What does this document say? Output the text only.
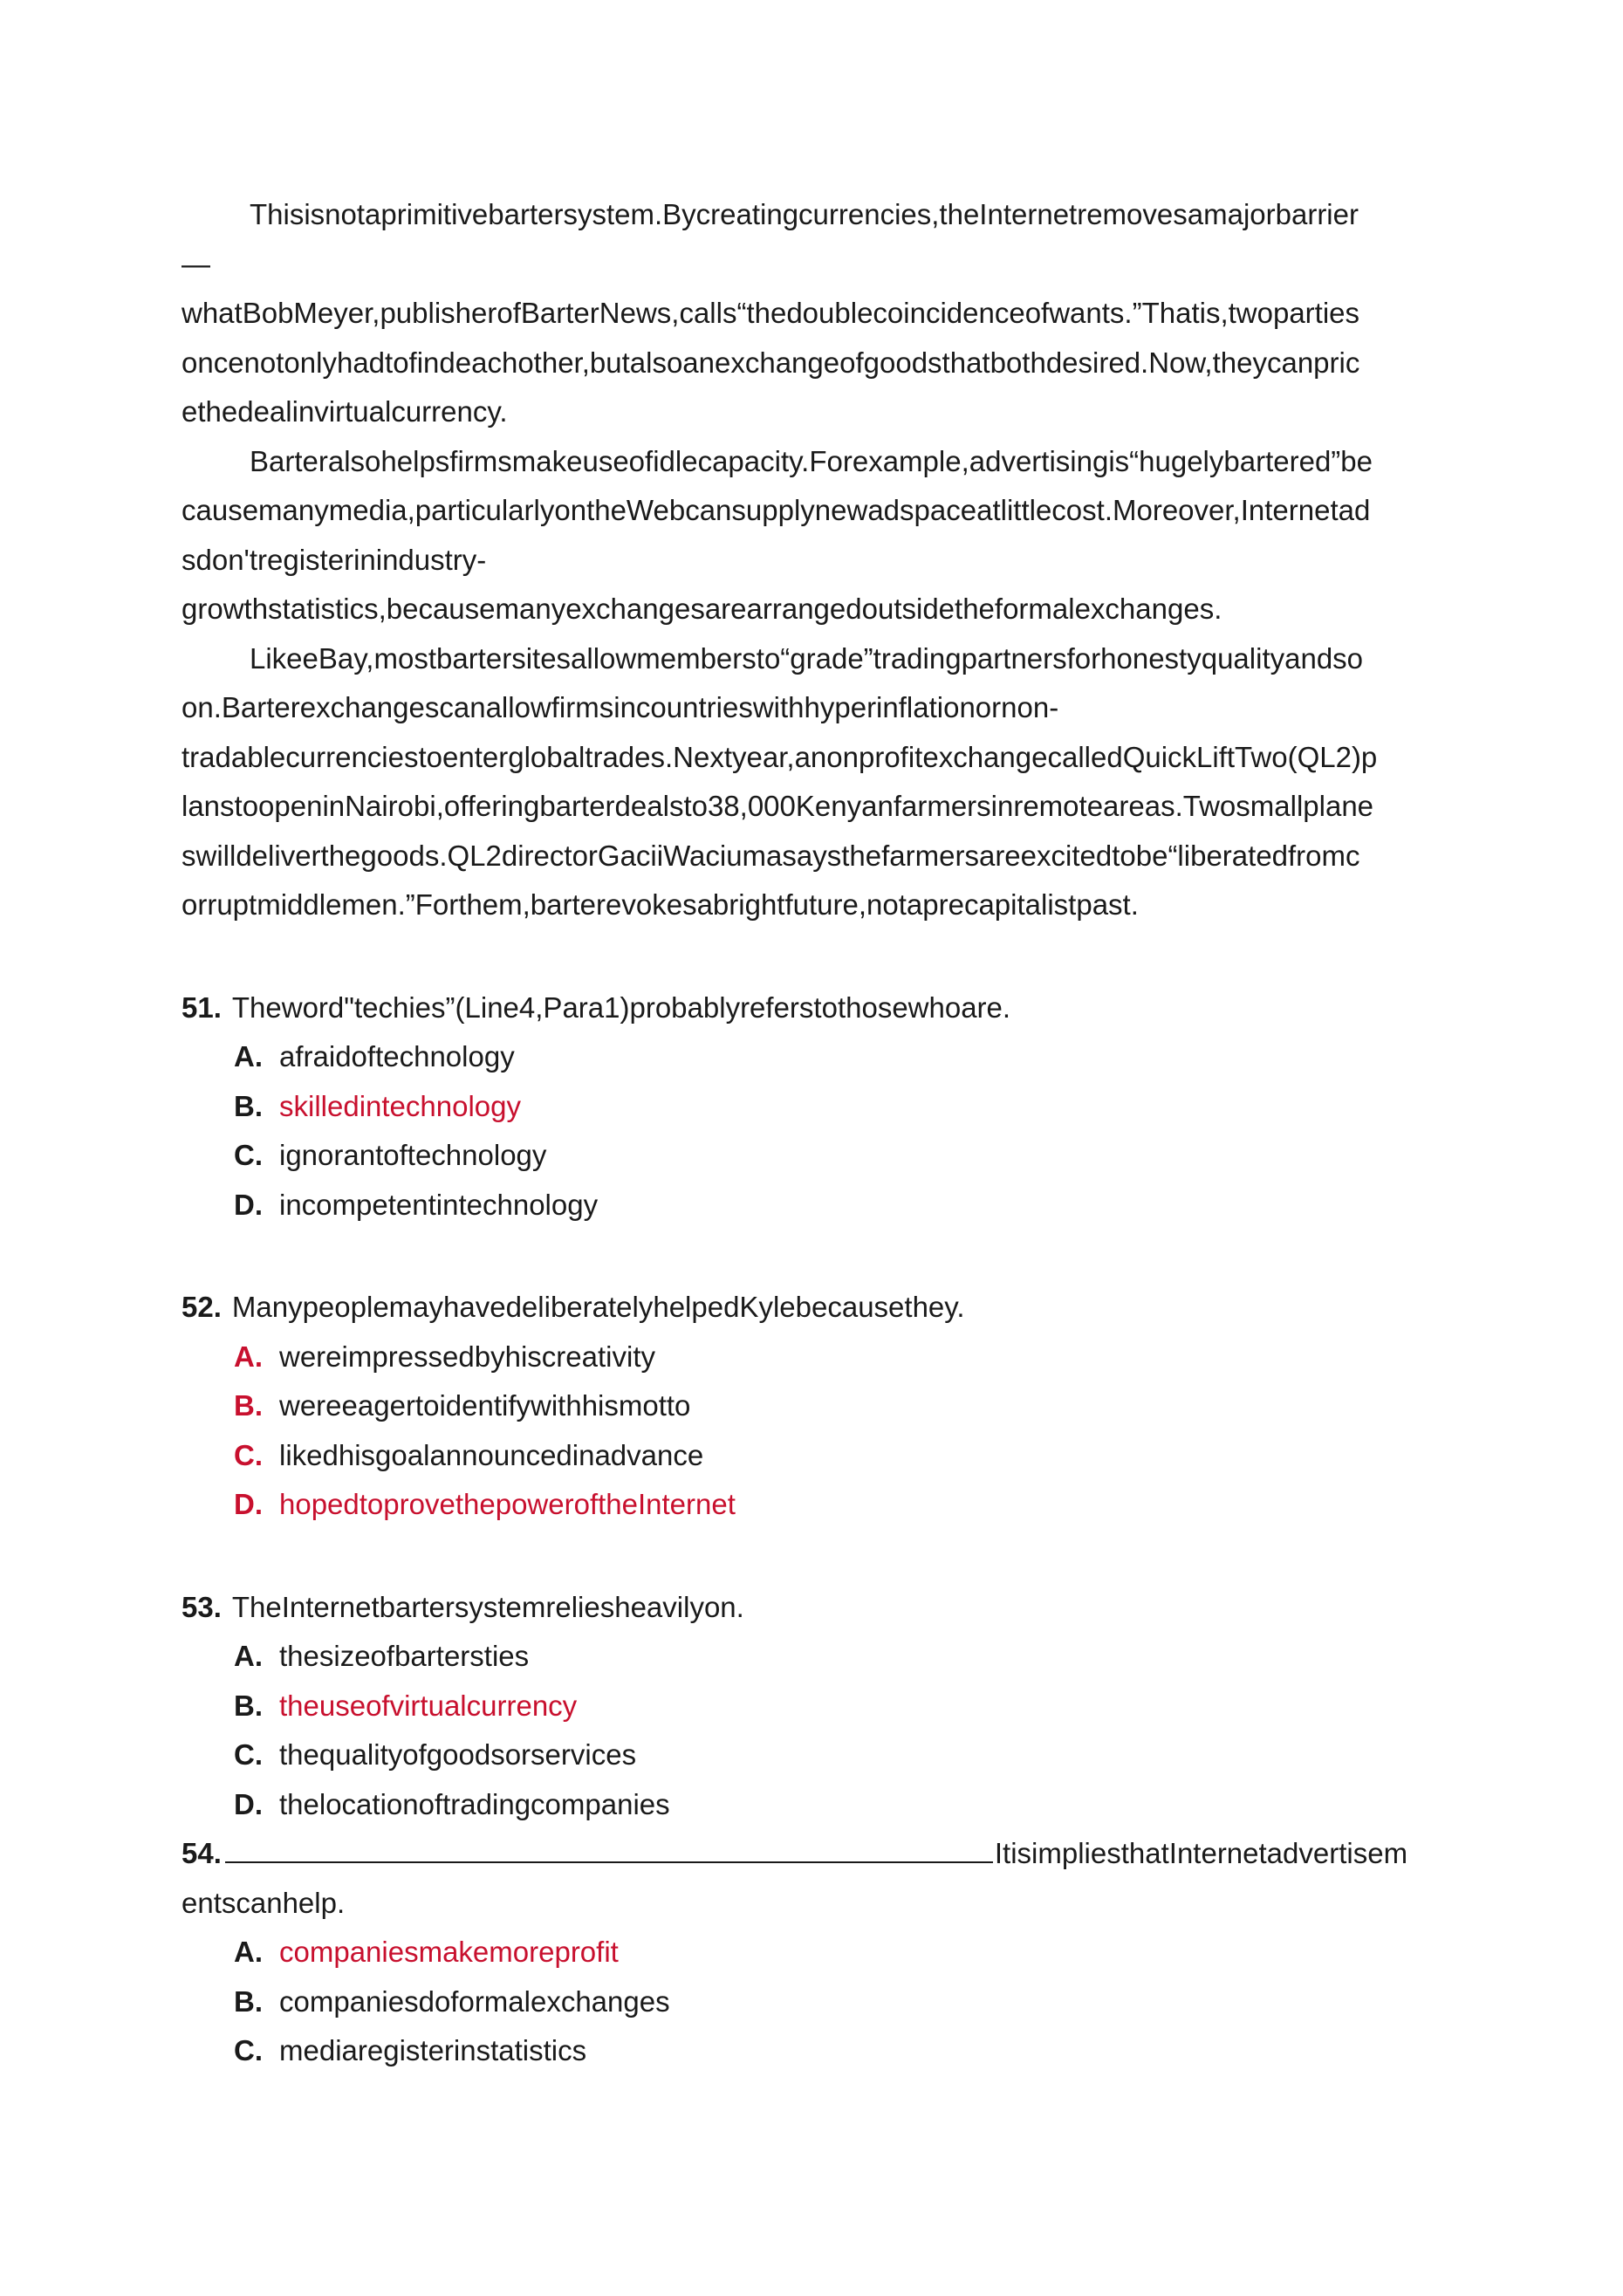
Thisisnotaprimitivebartersystem.Bycreatingcurrencies,theInternetremovesamajorbarrier
—
whatBobMeyer,publisherofBarterNews,calls“thedoublecoincidenceofwants.”Thatis,twoparties
oncenotonlyhadtofindeachother,butalsoanexchangeofgoodsthatbothdesired.Now,theycanpric
ethedealinvirtualcurrency.
Barteralsohelpsfirmsmakeuseofidlecapacity.Forexample,advertisingis“hugelybartered”be
causemanymedia,particularlyontheWebcansupplynewadspaceatlittlecost.Moreover,Internetad
sdon'tregisterinindustry-
growthstatistics,becausemanyexchangesarearrangedoutsidetheformalexchanges.
LikeeBay,mostbartersitesallowmembersto“grade”tradingpartnersforhonestyqualityandso
on.Barterexchangescanallowfirmsincountrieswithhyperinflationornon-
tradablecurrenciestoenterglobaltrades.Nextyear,anonprofitexchangecalledQuickLiftTwo(QL2)p
lanstoopeninNairobi,offeringbarterdealsto38,000Kenyanfarmersinremoteareas.Twosmallplane
swilldeliverthegoods.QL2directorGaciiWaciumasaysthefarmersareexcitedtobe“liberatedfromc
orruptmiddlemen.”Forthem,barterevokesabrightfuture,notaprecapitalistpast.
51. Theword"techies”(Line4,Para1)probablyreferstothosewhoare.
A. afraidoftechnology
B. skilledintechnology
C. ignorantoftechnology
D. incompetentintechnology
52. ManypeoplemayhavedeliberatelyhelpedKylebecausethey.
A. wereimpressedbyhiscreativity
B. wereeagertoidentifywithhismotto
C. likedhisgoalannouncedinadvance
D. hopedtoprovethepoweroftheInternet
53. TheInternetbartersystemreliesheavilyon.
A. thesizeofbartersties
B. theuseofvirtualcurrency
C. thequalityofgoodsorservices
D. thelocationoftradingcompanies
54.	ItisimpliesthatInternetadvertisem
entscanhelp.
A. companiesmakemoreprofit
B. companiesdoformalexchanges
C. mediaregisterinstatistics
